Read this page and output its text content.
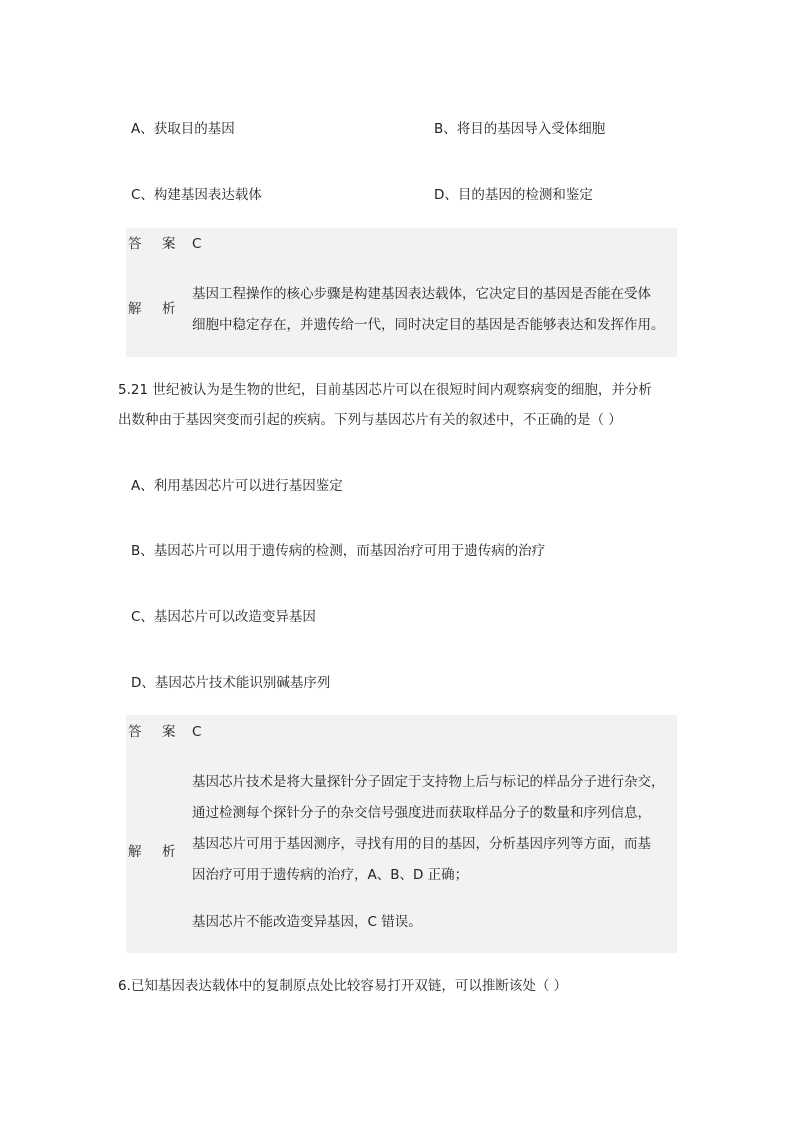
A、获取目的基因	B、将目的基因导入受体细胞
C、构建基因表达载体	D、目的基因的检测和鉴定
答 案 C
解 析
基因工程操作的核心步骤是构建基因表达载体，它决定目的基因是否能在受体
细胞中稳定存在，并遗传给一代，同时决定目的基因是否能够表达和发挥作用。
5.21 世纪被认为是生物的世纪，目前基因芯片可以在很短时间内观察病变的细胞，并分析
出数种由于基因突变而引起的疾病。下列与基因芯片有关的叙述中，不正确的是（ ）
A、利用基因芯片可以进行基因鉴定
B、基因芯片可以用于遗传病的检测，而基因治疗可用于遗传病的治疗
C、基因芯片可以改造变异基因
D、基因芯片技术能识别碱基序列
答 案 C
解 析
基因芯片技术是将大量探针分子固定于支持物上后与标记的样品分子进行杂交，
通过检测每个探针分子的杂交信号强度进而获取样品分子的数量和序列信息，
基因芯片可用于基因测序，寻找有用的目的基因，分析基因序列等方面，而基
因治疗可用于遗传病的治疗，A、B、D 正确；
基因芯片不能改造变异基因，C 错误。
6.已知基因表达载体中的复制原点处比较容易打开双链，可以推断该处（ ）
